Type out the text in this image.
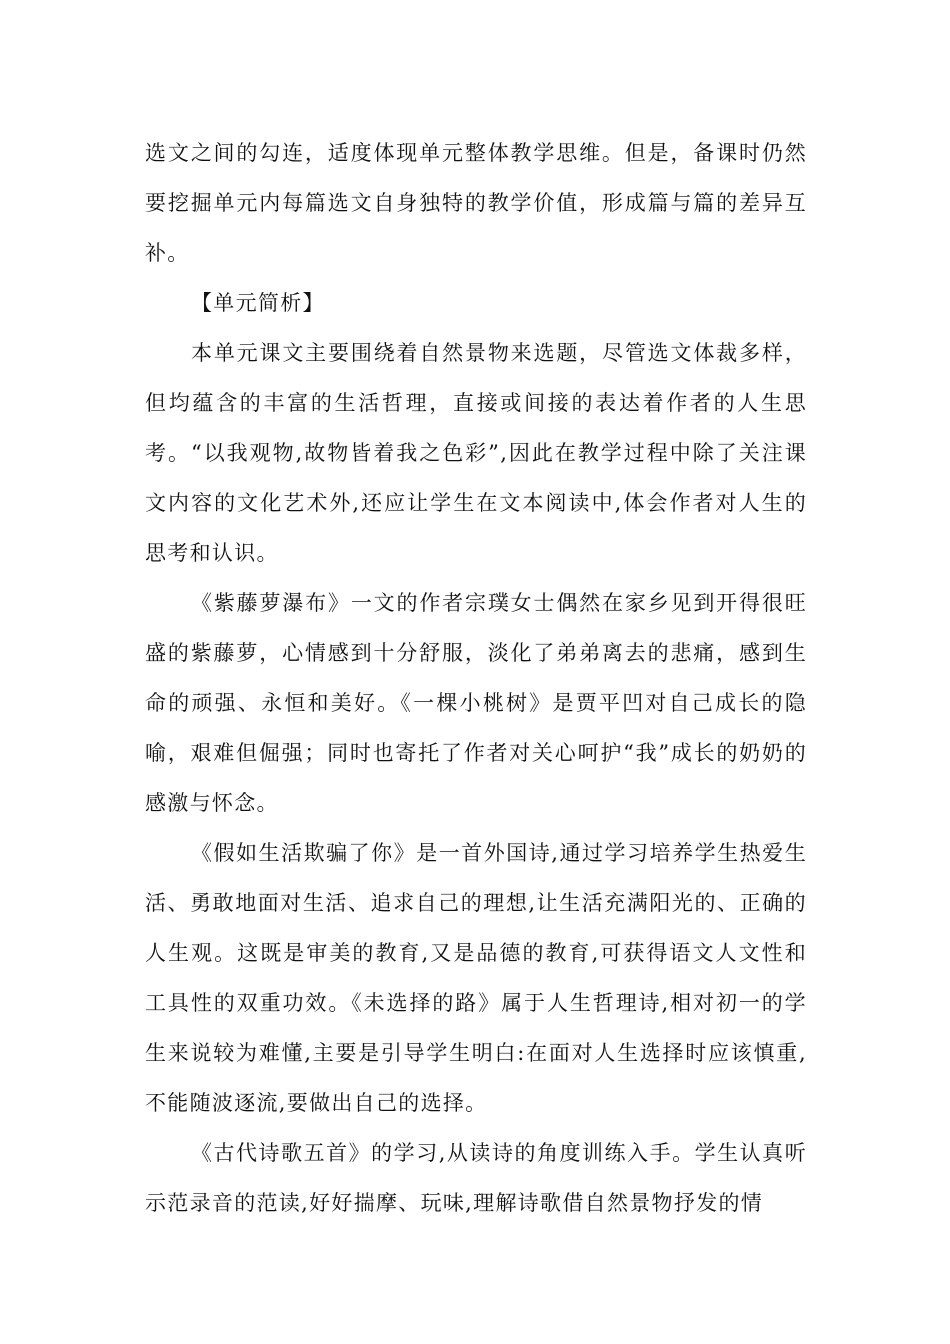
选文之间的勾连，适度体现单元整体教学思维。但是，备课时仍然要挖掘单元内每篇选文自身独特的教学价值，形成篇与篇的差异互补。

【单元简析】

本单元课文主要围绕着自然景物来选题，尽管选文体裁多样，但均蕴含的丰富的生活哲理，直接或间接的表达着作者的人生思考。“以我观物,故物皆着我之色彩”,因此在教学过程中除了关注课文内容的文化艺术外,还应让学生在文本阅读中,体会作者对人生的思考和认识。

《紫藤萝瀑布》一文的作者宗璞女士偶然在家乡见到开得很旺盛的紫藤萝，心情感到十分舒服，淡化了弟弟离去的悲痛，感到生命的顽强、永恒和美好。《一棵小桃树》是贾平凹对自己成长的隐喻，艰难但倔强；同时也寄托了作者对关心呵护“我”成长的奶奶的感激与怀念。

《假如生活欺骗了你》是一首外国诗,通过学习培养学生热爱生活、勇敢地面对生活、追求自己的理想,让生活充满阳光的、正确的人生观。这既是审美的教育,又是品德的教育,可获得语文人文性和工具性的双重功效。《未选择的路》属于人生哲理诗,相对初一的学生来说较为难懂,主要是引导学生明白:在面对人生选择时应该慎重,不能随波逐流,要做出自己的选择。

《古代诗歌五首》的学习,从读诗的角度训练入手。学生认真听示范录音的范读,好好揣摩、玩味,理解诗歌借自然景物抒发的情
